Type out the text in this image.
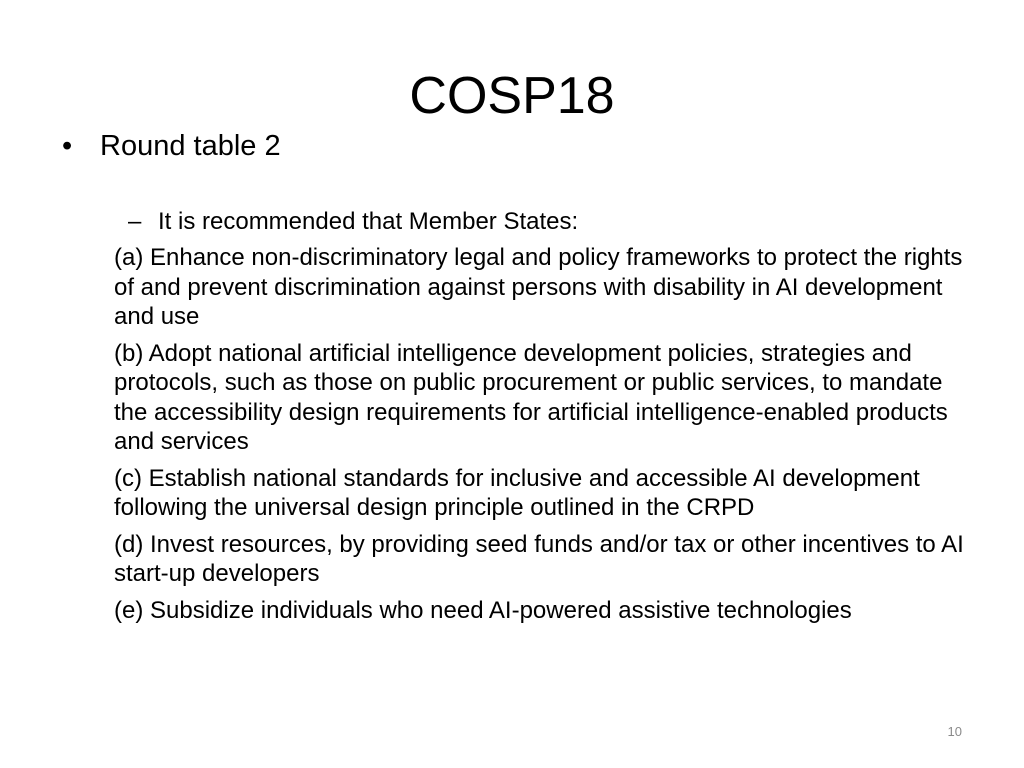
COSP18
• Round table 2
– It is recommended that Member States:
(a) Enhance non-discriminatory legal and policy frameworks to protect the rights of and prevent discrimination against persons with disability in AI development and use
(b) Adopt national artificial intelligence development policies, strategies and protocols, such as those on public procurement or public services, to mandate the accessibility design requirements for artificial intelligence-enabled products and services
(c) Establish national standards for inclusive and accessible AI development following the universal design principle outlined in the CRPD
(d) Invest resources, by providing seed funds and/or tax or other incentives to AI start-up developers
(e) Subsidize individuals who need AI-powered assistive technologies
10
